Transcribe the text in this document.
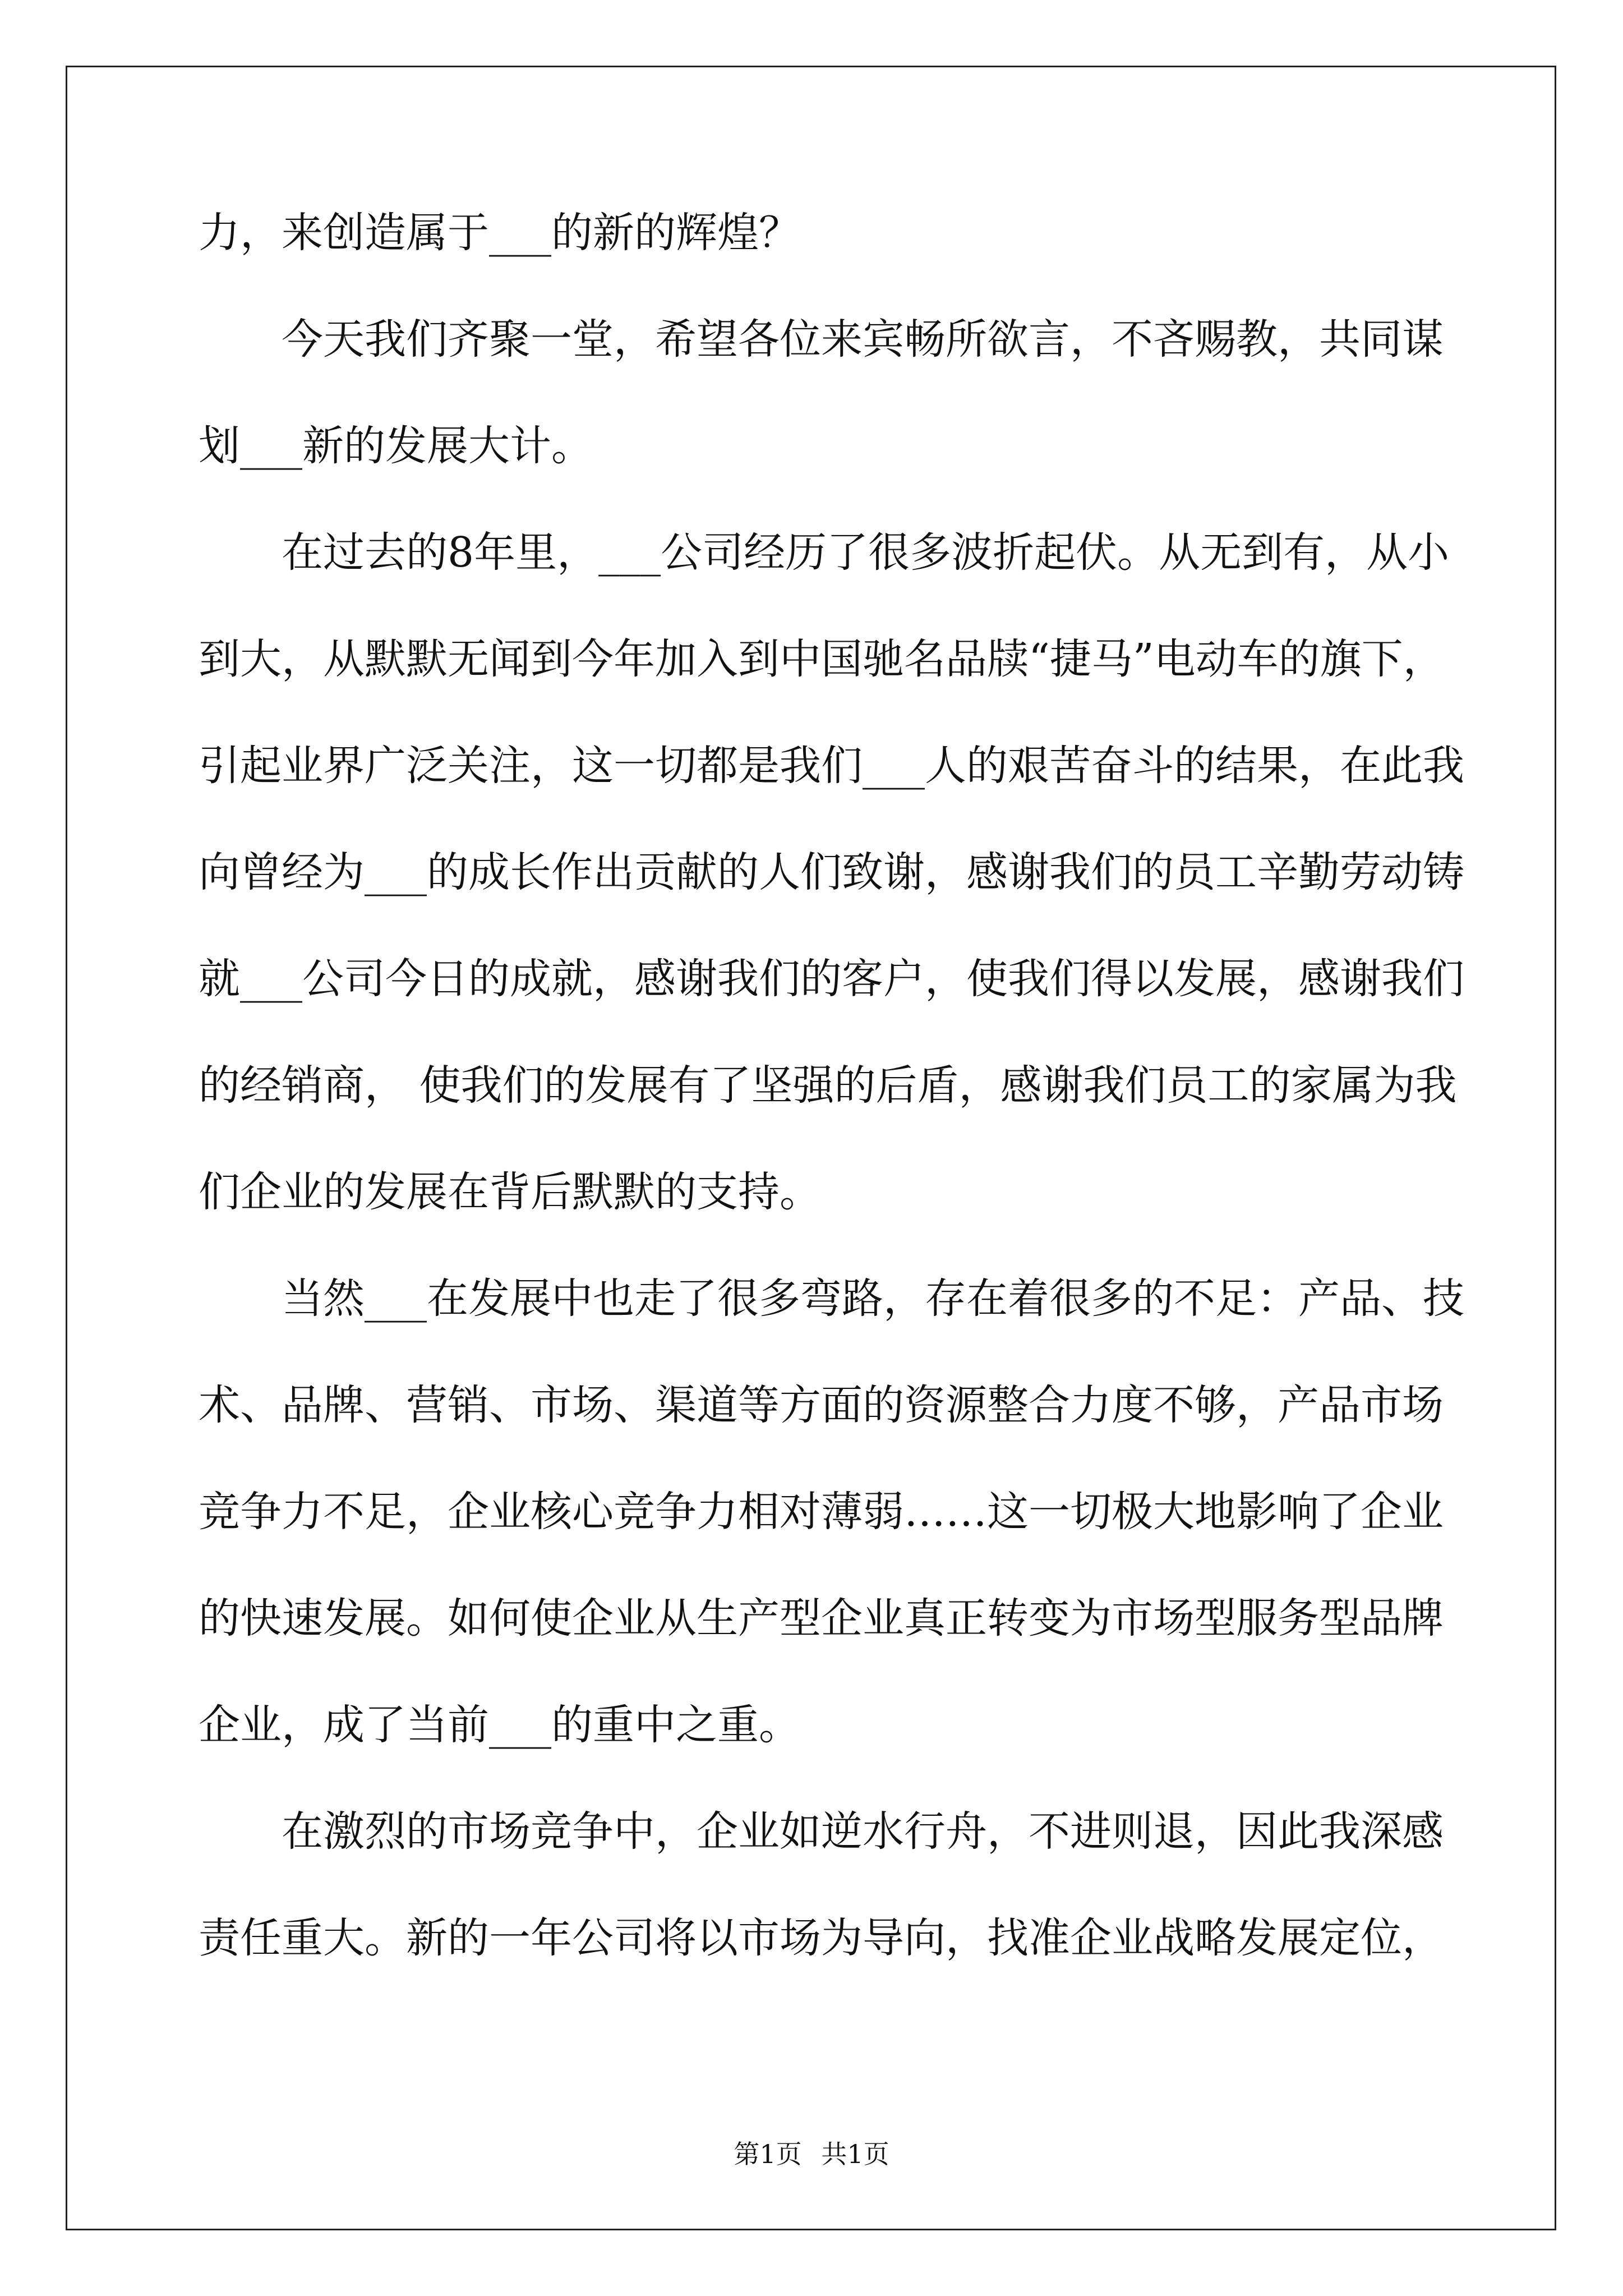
力，来创造属于___的新的辉煌？
今天我们齐聚一堂，希望各位来宾畅所欲言，不吝赐教，共同谋
划___新的发展大计。
在过去的8年里，___公司经历了很多波折起伏。从无到有，从小
到大，从默默无闻到今年加入到中国驰名品牍“捷马”电动车的旗下，
引起业界广泛关注，这一切都是我们___人的艰苦奋斗的结果，在此我
向曾经为___的成长作出贡献的人们致谢，感谢我们的员工辛勤劳动铸
就___公司今日的成就，感谢我们的客户，使我们得以发展，感谢我们
的经销商， 使我们的发展有了坚强的后盾，感谢我们员工的家属为我
们企业的发展在背后默默的支持。
当然___在发展中也走了很多弯路，存在着很多的不足：产品、技
术、品牌、营销、市场、渠道等方面的资源整合力度不够，产品市场
竞争力不足，企业核心竞争力相对薄弱……这一切极大地影响了企业
的快速发展。如何使企业从生产型企业真正转变为市场型服务型品牌
企业，成了当前___的重中之重。
在激烈的市场竞争中，企业如逆水行舟，不进则退，因此我深感
责任重大。新的一年公司将以市场为导向，找准企业战略发展定位，
第1页 共1页
